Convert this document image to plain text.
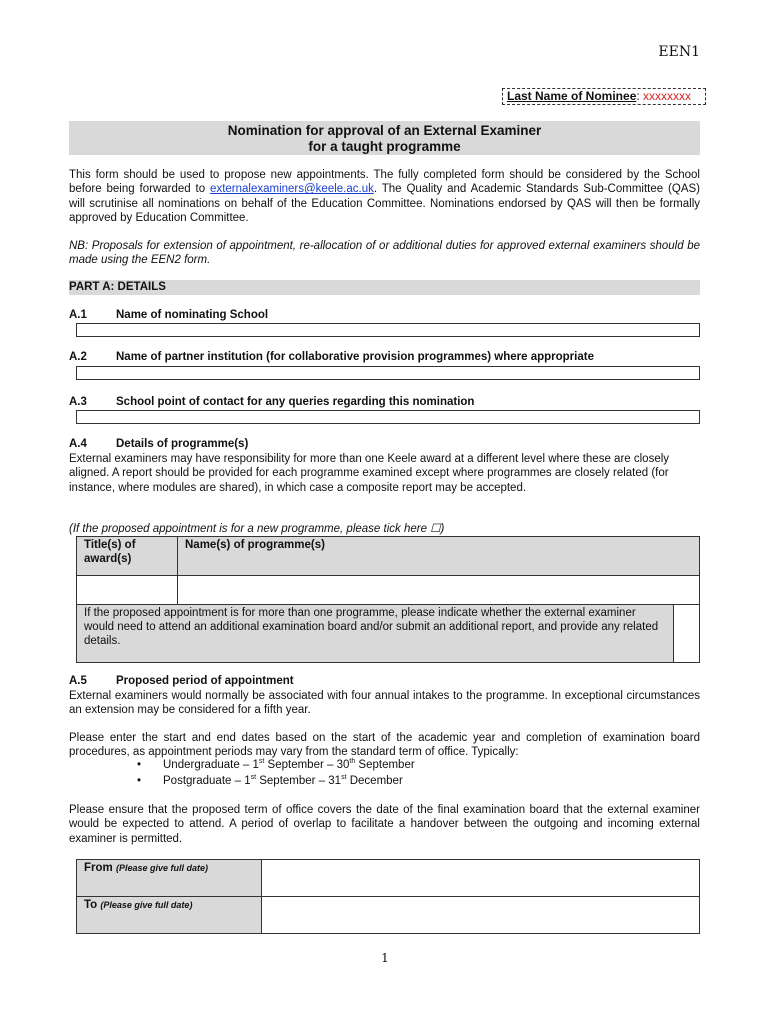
EEN1
Last Name of Nominee: xxxxxxxx
Nomination for approval of an External Examiner
for a taught programme
This form should be used to propose new appointments. The fully completed form should be considered by the School before being forwarded to externalexaminers@keele.ac.uk. The Quality and Academic Standards Sub-Committee (QAS) will scrutinise all nominations on behalf of the Education Committee. Nominations endorsed by QAS will then be formally approved by Education Committee.
NB: Proposals for extension of appointment, re-allocation of or additional duties for approved external examiners should be made using the EEN2 form.
PART A: DETAILS
A.1	Name of nominating School
A.2	Name of partner institution (for collaborative provision programmes) where appropriate
A.3	School point of contact for any queries regarding this nomination
A.4	Details of programme(s)
External examiners may have responsibility for more than one Keele award at a different level where these are closely aligned. A report should be provided for each programme examined except where programmes are closely related (for instance, where modules are shared), in which case a composite report may be accepted.
(If the proposed appointment is for a new programme, please tick here ☐)
Title(s) of award(s)	Name(s) of programme(s)	

If the proposed appointment is for more than one programme, please indicate whether the external examiner would need to attend an additional examination board and/or submit an additional report, and provide any related details.		
A.5	Proposed period of appointment
External examiners would normally be associated with four annual intakes to the programme. In exceptional circumstances an extension may be considered for a fifth year.
Please enter the start and end dates based on the start of the academic year and completion of examination board procedures, as appointment periods may vary from the standard term of office. Typically:
• Undergraduate – 1st September – 30th September
• Postgraduate – 1st September – 31st December
Please ensure that the proposed term of office covers the date of the final examination board that the external examiner would be expected to attend. A period of overlap to facilitate a handover between the outgoing and incoming external examiner is permitted.
From (Please give full date)	
To (Please give full date)	
1
